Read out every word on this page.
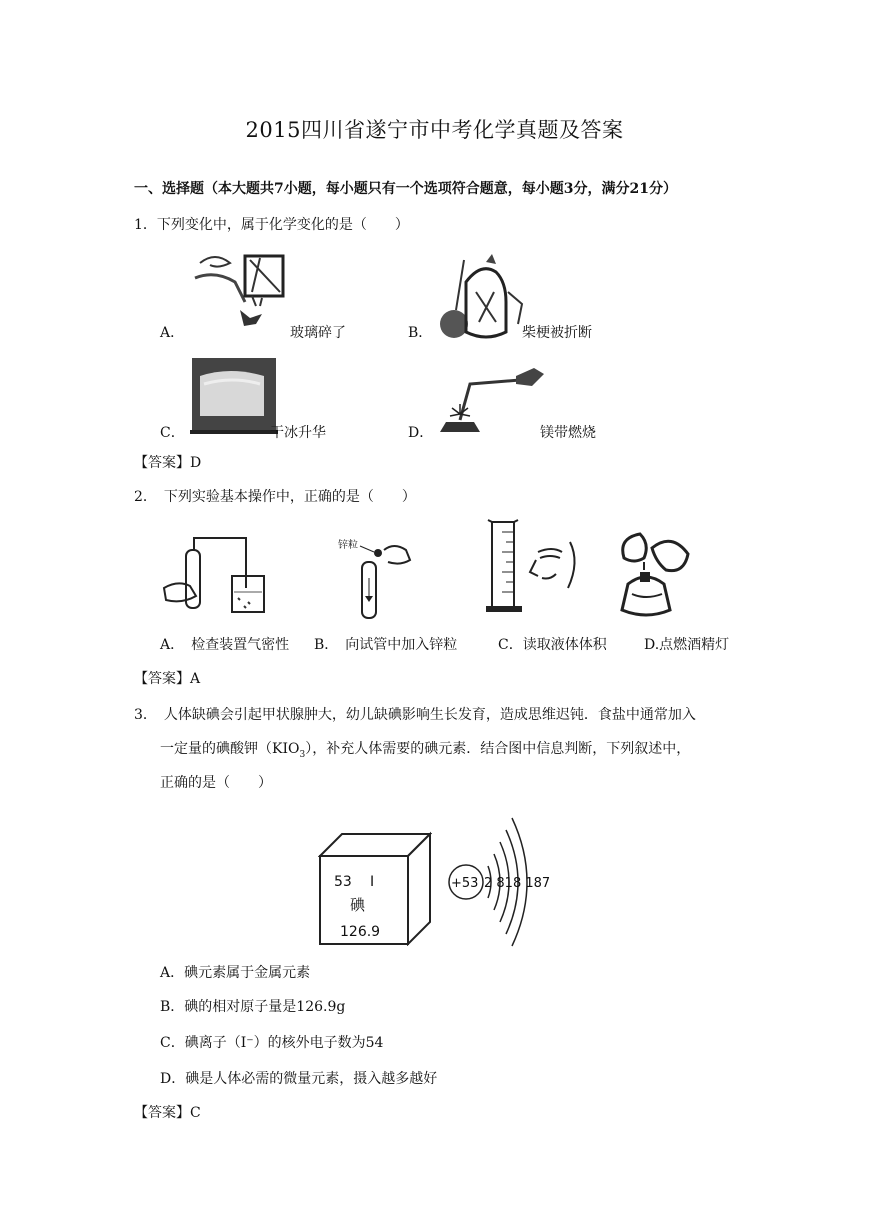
2015四川省遂宁市中考化学真题及答案
一、选择题（本大题共7小题，每小题只有一个选项符合题意，每小题3分，满分21分）
1．下列变化中，属于化学变化的是（　　）
A．	玻璃碎了	B．	柴梗被折断
C．	干冰升华	D．	镁带燃烧
【答案】D
2．　下列实验基本操作中，正确的是（　　）
锌粒
A．　检查装置气密性 B．　向试管中加入锌粒	C．读取液体体积	D.点燃酒精灯
【答案】A
3．　人体缺碘会引起甲状腺肿大，幼儿缺碘影响生长发育，造成思维迟钝．食盐中通常加入
一定量的碘酸钾$(KIO_3)$，补充人体需要的碘元素．结合图中信息判断，下列叙述中，
正确的是（　　）
53 I
碘
126.9
+53 2 818 187
A．碘元素属于金属元素
B．碘的相对原子量是126.9g
C．碘离子（I⁻）的核外电子数为54
D．碘是人体必需的微量元素，摄入越多越好
【答案】C
